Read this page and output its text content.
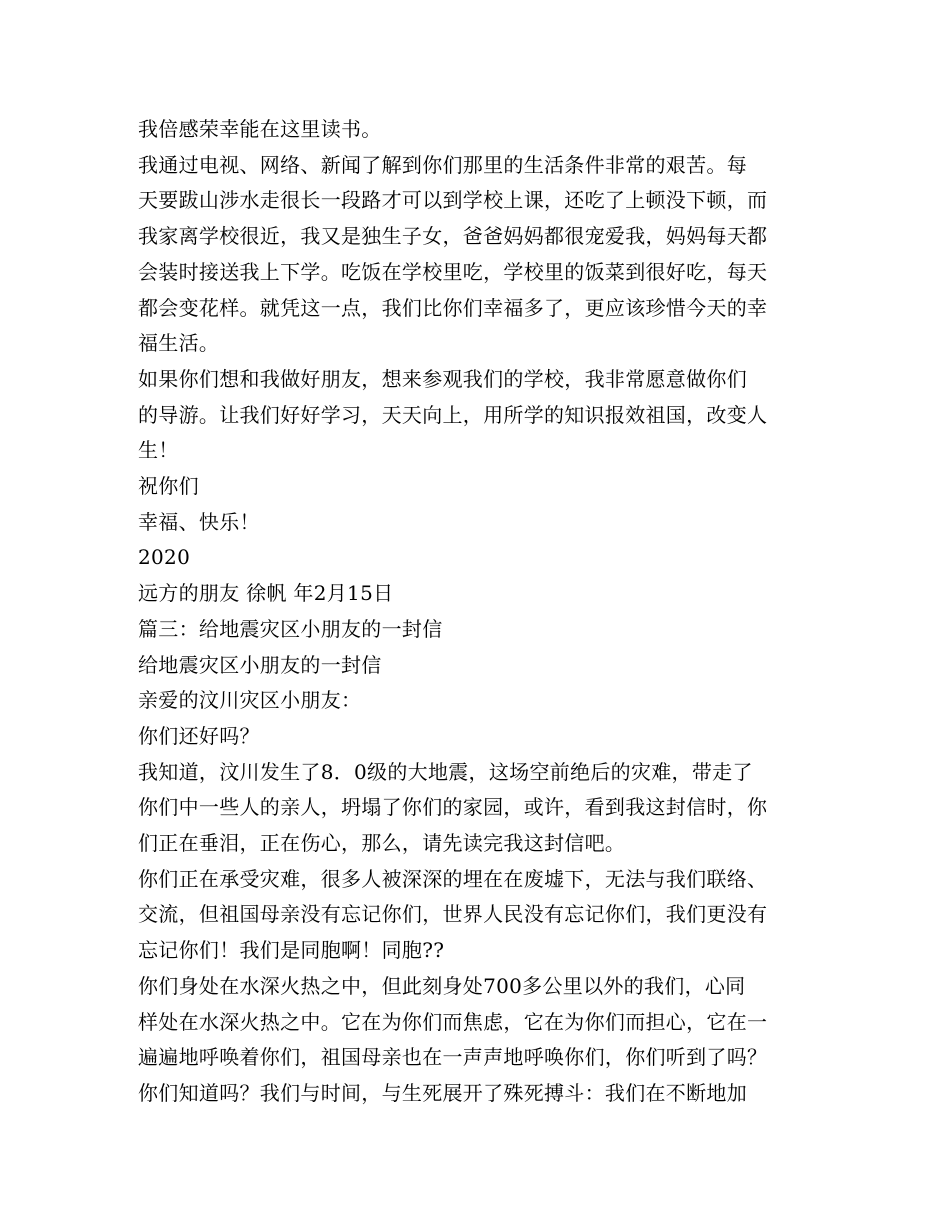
我倍感荣幸能在这里读书。
我通过电视、网络、新闻了解到你们那里的生活条件非常的艰苦。每
天要跋山涉水走很长一段路才可以到学校上课，还吃了上顿没下顿，而
我家离学校很近，我又是独生子女，爸爸妈妈都很宠爱我，妈妈每天都
会装时接送我上下学。吃饭在学校里吃，学校里的饭菜到很好吃，每天
都会变花样。就凭这一点，我们比你们幸福多了，更应该珍惜今天的幸
福生活。
如果你们想和我做好朋友，想来参观我们的学校，我非常愿意做你们
的导游。让我们好好学习，天天向上，用所学的知识报效祖国，改变人
生！
祝你们
幸福、快乐！
2020
远方的朋友 徐帆 年2月15日
篇三：给地震灾区小朋友的一封信
给地震灾区小朋友的一封信
亲爱的汶川灾区小朋友：
你们还好吗？
我知道，汶川发生了8．0级的大地震，这场空前绝后的灾难，带走了
你们中一些人的亲人，坍塌了你们的家园，或许，看到我这封信时，你
们正在垂泪，正在伤心，那么，请先读完我这封信吧。
你们正在承受灾难，很多人被深深的埋在在废墟下，无法与我们联络、
交流，但祖国母亲没有忘记你们，世界人民没有忘记你们，我们更没有
忘记你们！我们是同胞啊！同胞??
你们身处在水深火热之中，但此刻身处700多公里以外的我们，心同
样处在水深火热之中。它在为你们而焦虑，它在为你们而担心，它在一
遍遍地呼唤着你们，祖国母亲也在一声声地呼唤你们，你们听到了吗？
你们知道吗？我们与时间，与生死展开了殊死搏斗：我们在不断地加
